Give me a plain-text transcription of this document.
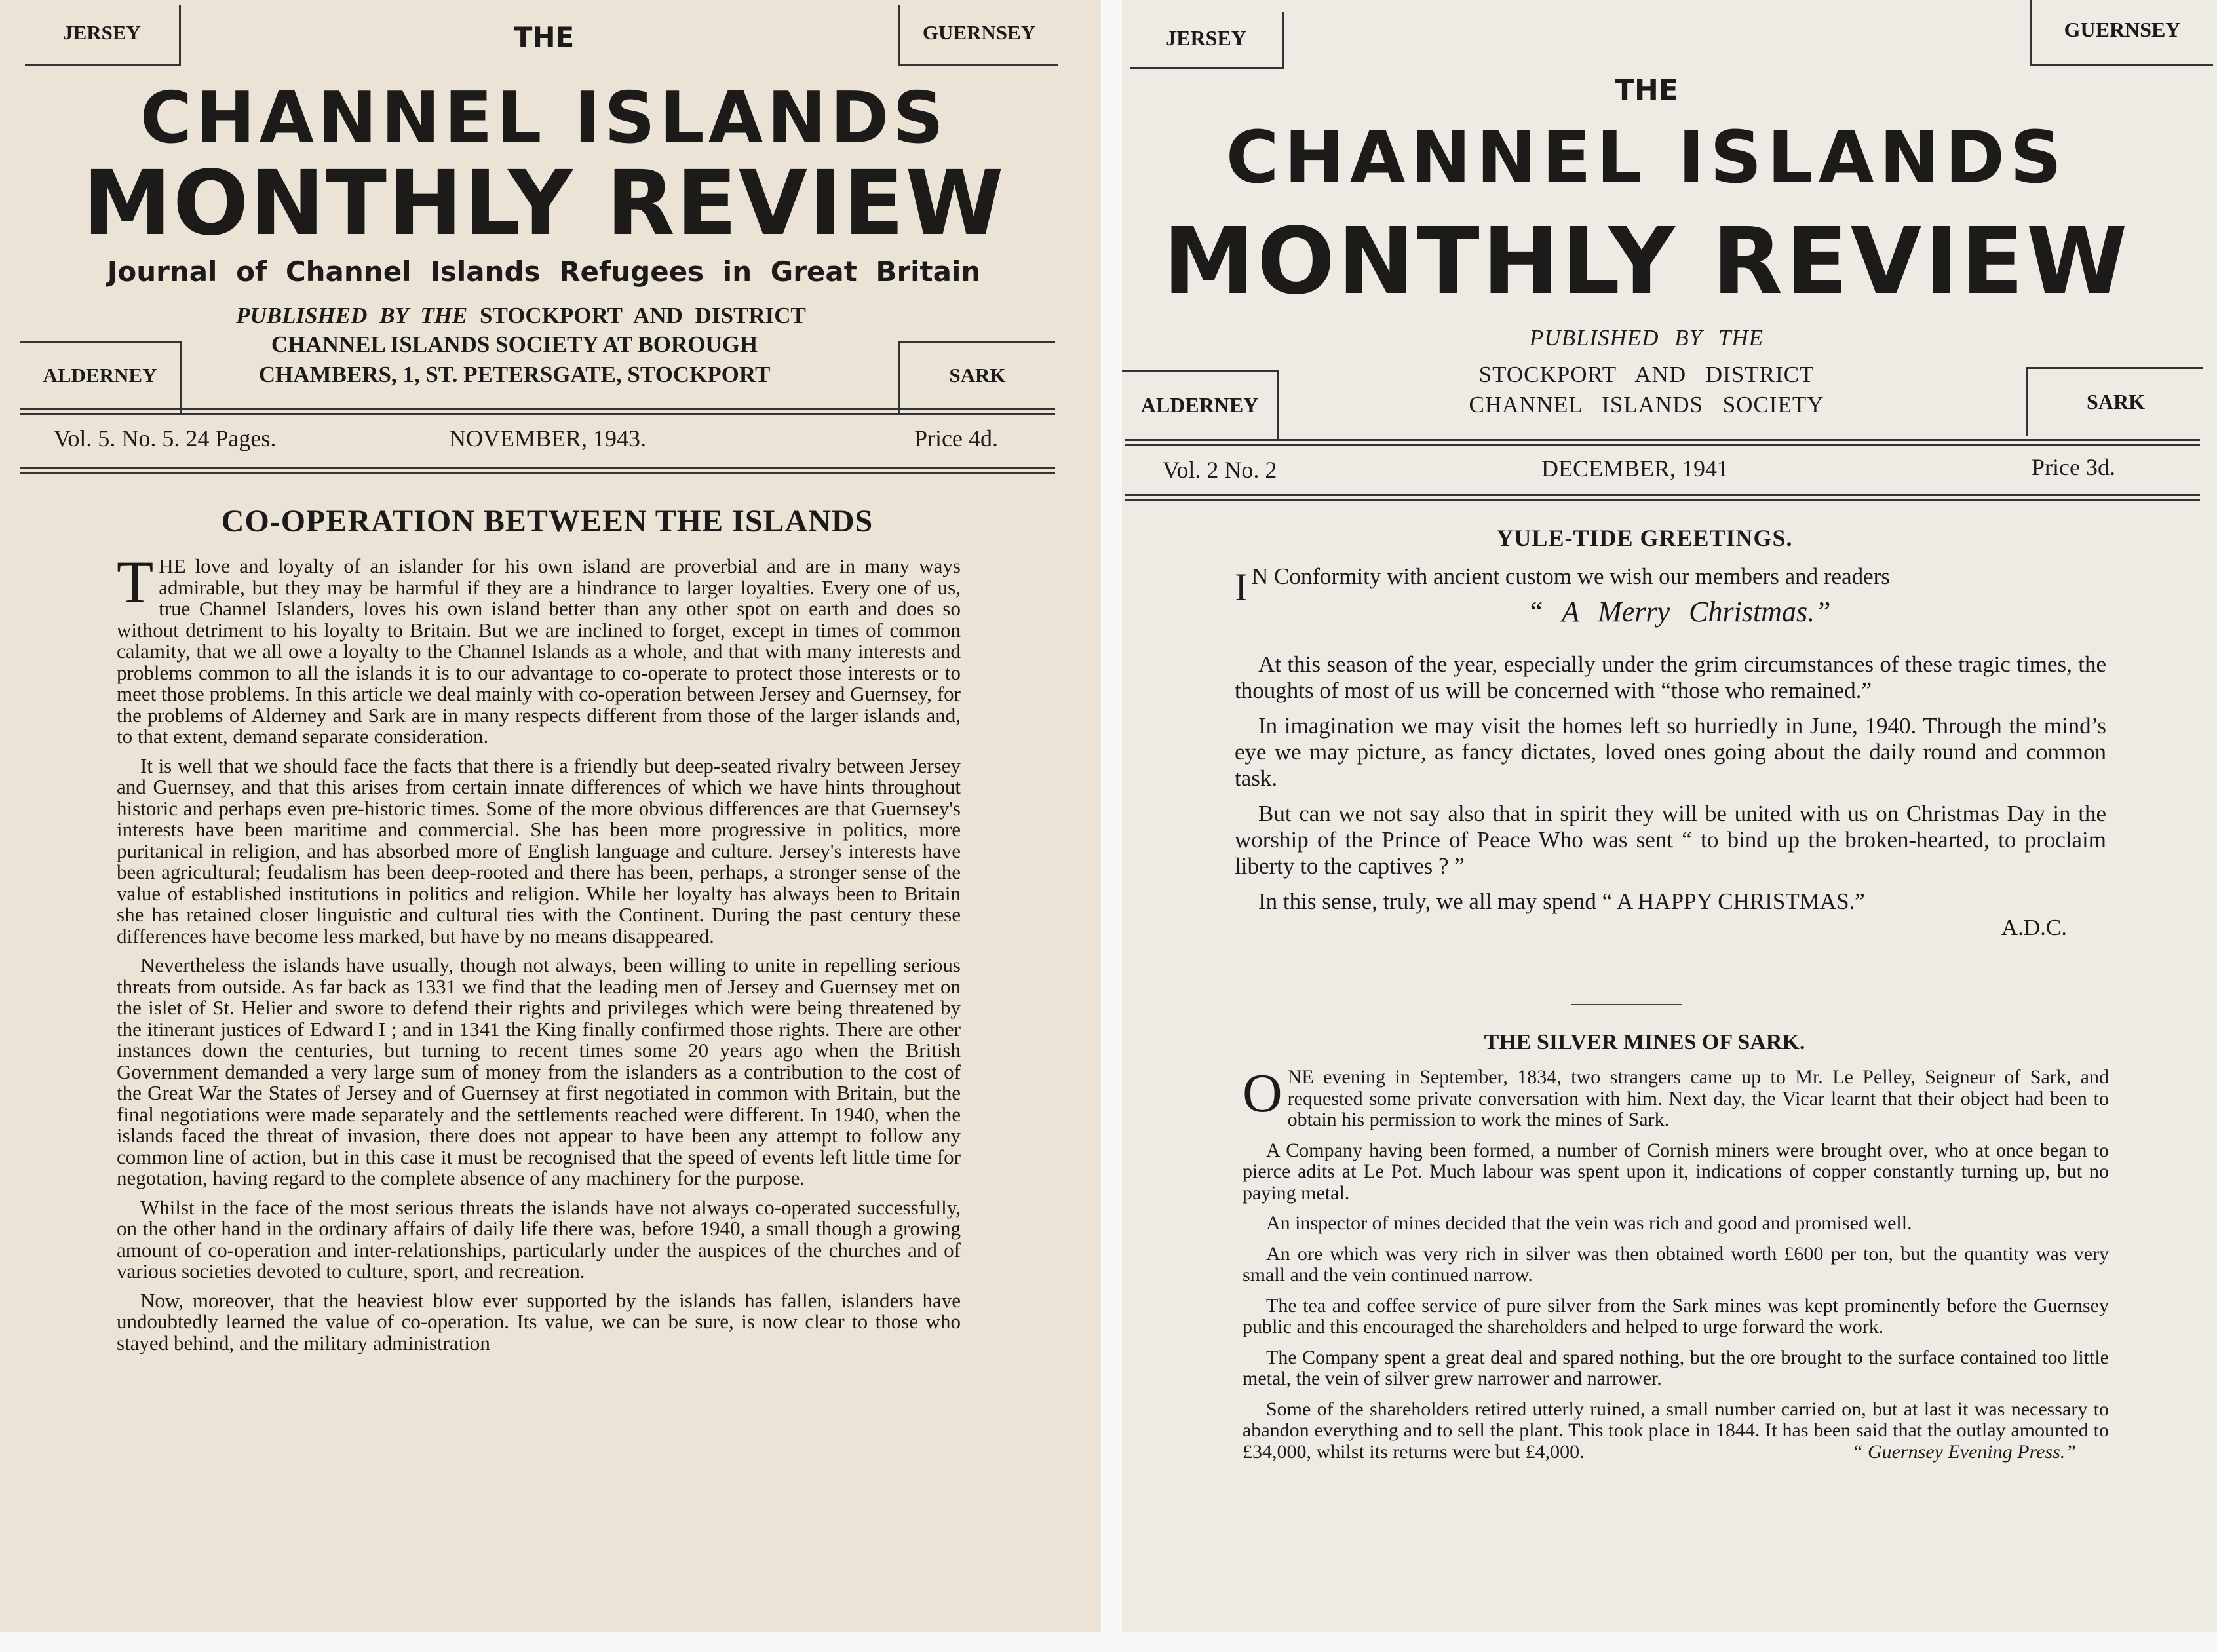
JERSEY	GUERNSEY
THE
CHANNEL ISLANDS
MONTHLY REVIEW
Journal of Channel Islands Refugees in Great Britain
ALDERNEY	SARK
PUBLISHED BY THE STOCKPORT AND DISTRICT
CHANNEL ISLANDS SOCIETY AT BOROUGH
CHAMBERS, 1, ST. PETERSGATE, STOCKPORT
Vol. 5. No. 5. 24 Pages.	NOVEMBER, 1943.	Price 4d.
CO-OPERATION BETWEEN THE ISLANDS

THE love and loyalty of an islander for his own island are proverbial and are in many ways admirable, but they may be harmful if they are a hindrance to larger loyalties. Every one of us, true Channel Islanders, loves his own island better than any other spot on earth and does so without detriment to his loyalty to Britain. But we are inclined to forget, except in times of common calamity, that we all owe a loyalty to the Channel Islands as a whole, and that with many interests and problems common to all the islands it is to our advantage to co-operate to protect those interests or to meet those problems. In this article we deal mainly with co-operation between Jersey and Guernsey, for the problems of Alderney and Sark are in many respects different from those of the larger islands and, to that extent, demand separate consideration.

It is well that we should face the facts that there is a friendly but deep-seated rivalry between Jersey and Guernsey, and that this arises from certain innate differences of which we have hints throughout historic and perhaps even pre-historic times. Some of the more obvious differences are that Guernsey's interests have been maritime and commercial. She has been more progressive in politics, more puritanical in religion, and has absorbed more of English language and culture. Jersey's interests have been agricultural; feudalism has been deep-rooted and there has been, perhaps, a stronger sense of the value of established institutions in politics and religion. While her loyalty has always been to Britain she has retained closer linguistic and cultural ties with the Continent. During the past century these differences have become less marked, but have by no means disappeared.

Nevertheless the islands have usually, though not always, been willing to unite in repelling serious threats from outside. As far back as 1331 we find that the leading men of Jersey and Guernsey met on the islet of St. Helier and swore to defend their rights and privileges which were being threatened by the itinerant justices of Edward I ; and in 1341 the King finally confirmed those rights. There are other instances down the centuries, but turning to recent times some 20 years ago when the British Government demanded a very large sum of money from the islanders as a contribution to the cost of the Great War the States of Jersey and of Guernsey at first negotiated in common with Britain, but the final negotiations were made separately and the settlements reached were different. In 1940, when the islands faced the threat of invasion, there does not appear to have been any attempt to follow any common line of action, but in this case it must be recognised that the speed of events left little time for negotation, having regard to the complete absence of any machinery for the purpose.

Whilst in the face of the most serious threats the islands have not always co-operated successfully, on the other hand in the ordinary affairs of daily life there was, before 1940, a small though a growing amount of co-operation and inter-relationships, particularly under the auspices of the churches and of various societies devoted to culture, sport, and recreation.

Now, moreover, that the heaviest blow ever supported by the islands has fallen, islanders have undoubtedly learned the value of co-operation. Its value, we can be sure, is now clear to those who stayed behind, and the military administration

JERSEY	GUERNSEY
THE
CHANNEL ISLANDS
MONTHLY REVIEW
PUBLISHED BY THE
STOCKPORT AND DISTRICT
CHANNEL ISLANDS SOCIETY
ALDERNEY	SARK
Vol. 2 No. 2	DECEMBER, 1941	Price 3d.
YULE-TIDE GREETINGS.

I N Conformity with ancient custom we wish our members and readers

“ A Merry Christmas.”

At this season of the year, especially under the grim circumstances of these tragic times, the thoughts of most of us will be concerned with “those who remained.”

In imagination we may visit the homes left so hurriedly in June, 1940. Through the mind’s eye we may picture, as fancy dictates, loved ones going about the daily round and common task.

But can we not say also that in spirit they will be united with us on Christmas Day in the worship of the Prince of Peace Who was sent “ to bind up the broken-hearted, to proclaim liberty to the captives ? ”

In this sense, truly, we all may spend “ A HAPPY CHRISTMAS.”

A.D.C.

THE SILVER MINES OF SARK.

ONE evening in September, 1834, two strangers came up to Mr. Le Pelley, Seigneur of Sark, and requested some private conversation with him. Next day, the Vicar learnt that their object had been to obtain his permission to work the mines of Sark.

A Company having been formed, a number of Cornish miners were brought over, who at once began to pierce adits at Le Pot. Much labour was spent upon it, indications of copper constantly turning up, but no paying metal.

An inspector of mines decided that the vein was rich and good and promised well.

An ore which was very rich in silver was then obtained worth £600 per ton, but the quantity was very small and the vein continued narrow.

The tea and coffee service of pure silver from the Sark mines was kept prominently before the Guernsey public and this encouraged the shareholders and helped to urge forward the work.

The Company spent a great deal and spared nothing, but the ore brought to the surface contained too little metal, the vein of silver grew narrower and narrower.

Some of the shareholders retired utterly ruined, a small number carried on, but at last it was necessary to abandon everything and to sell the plant. This took place in 1844. It has been said that the outlay amounted to £34,000, whilst its returns were but £4,000.	“ Guernsey Evening Press.”
